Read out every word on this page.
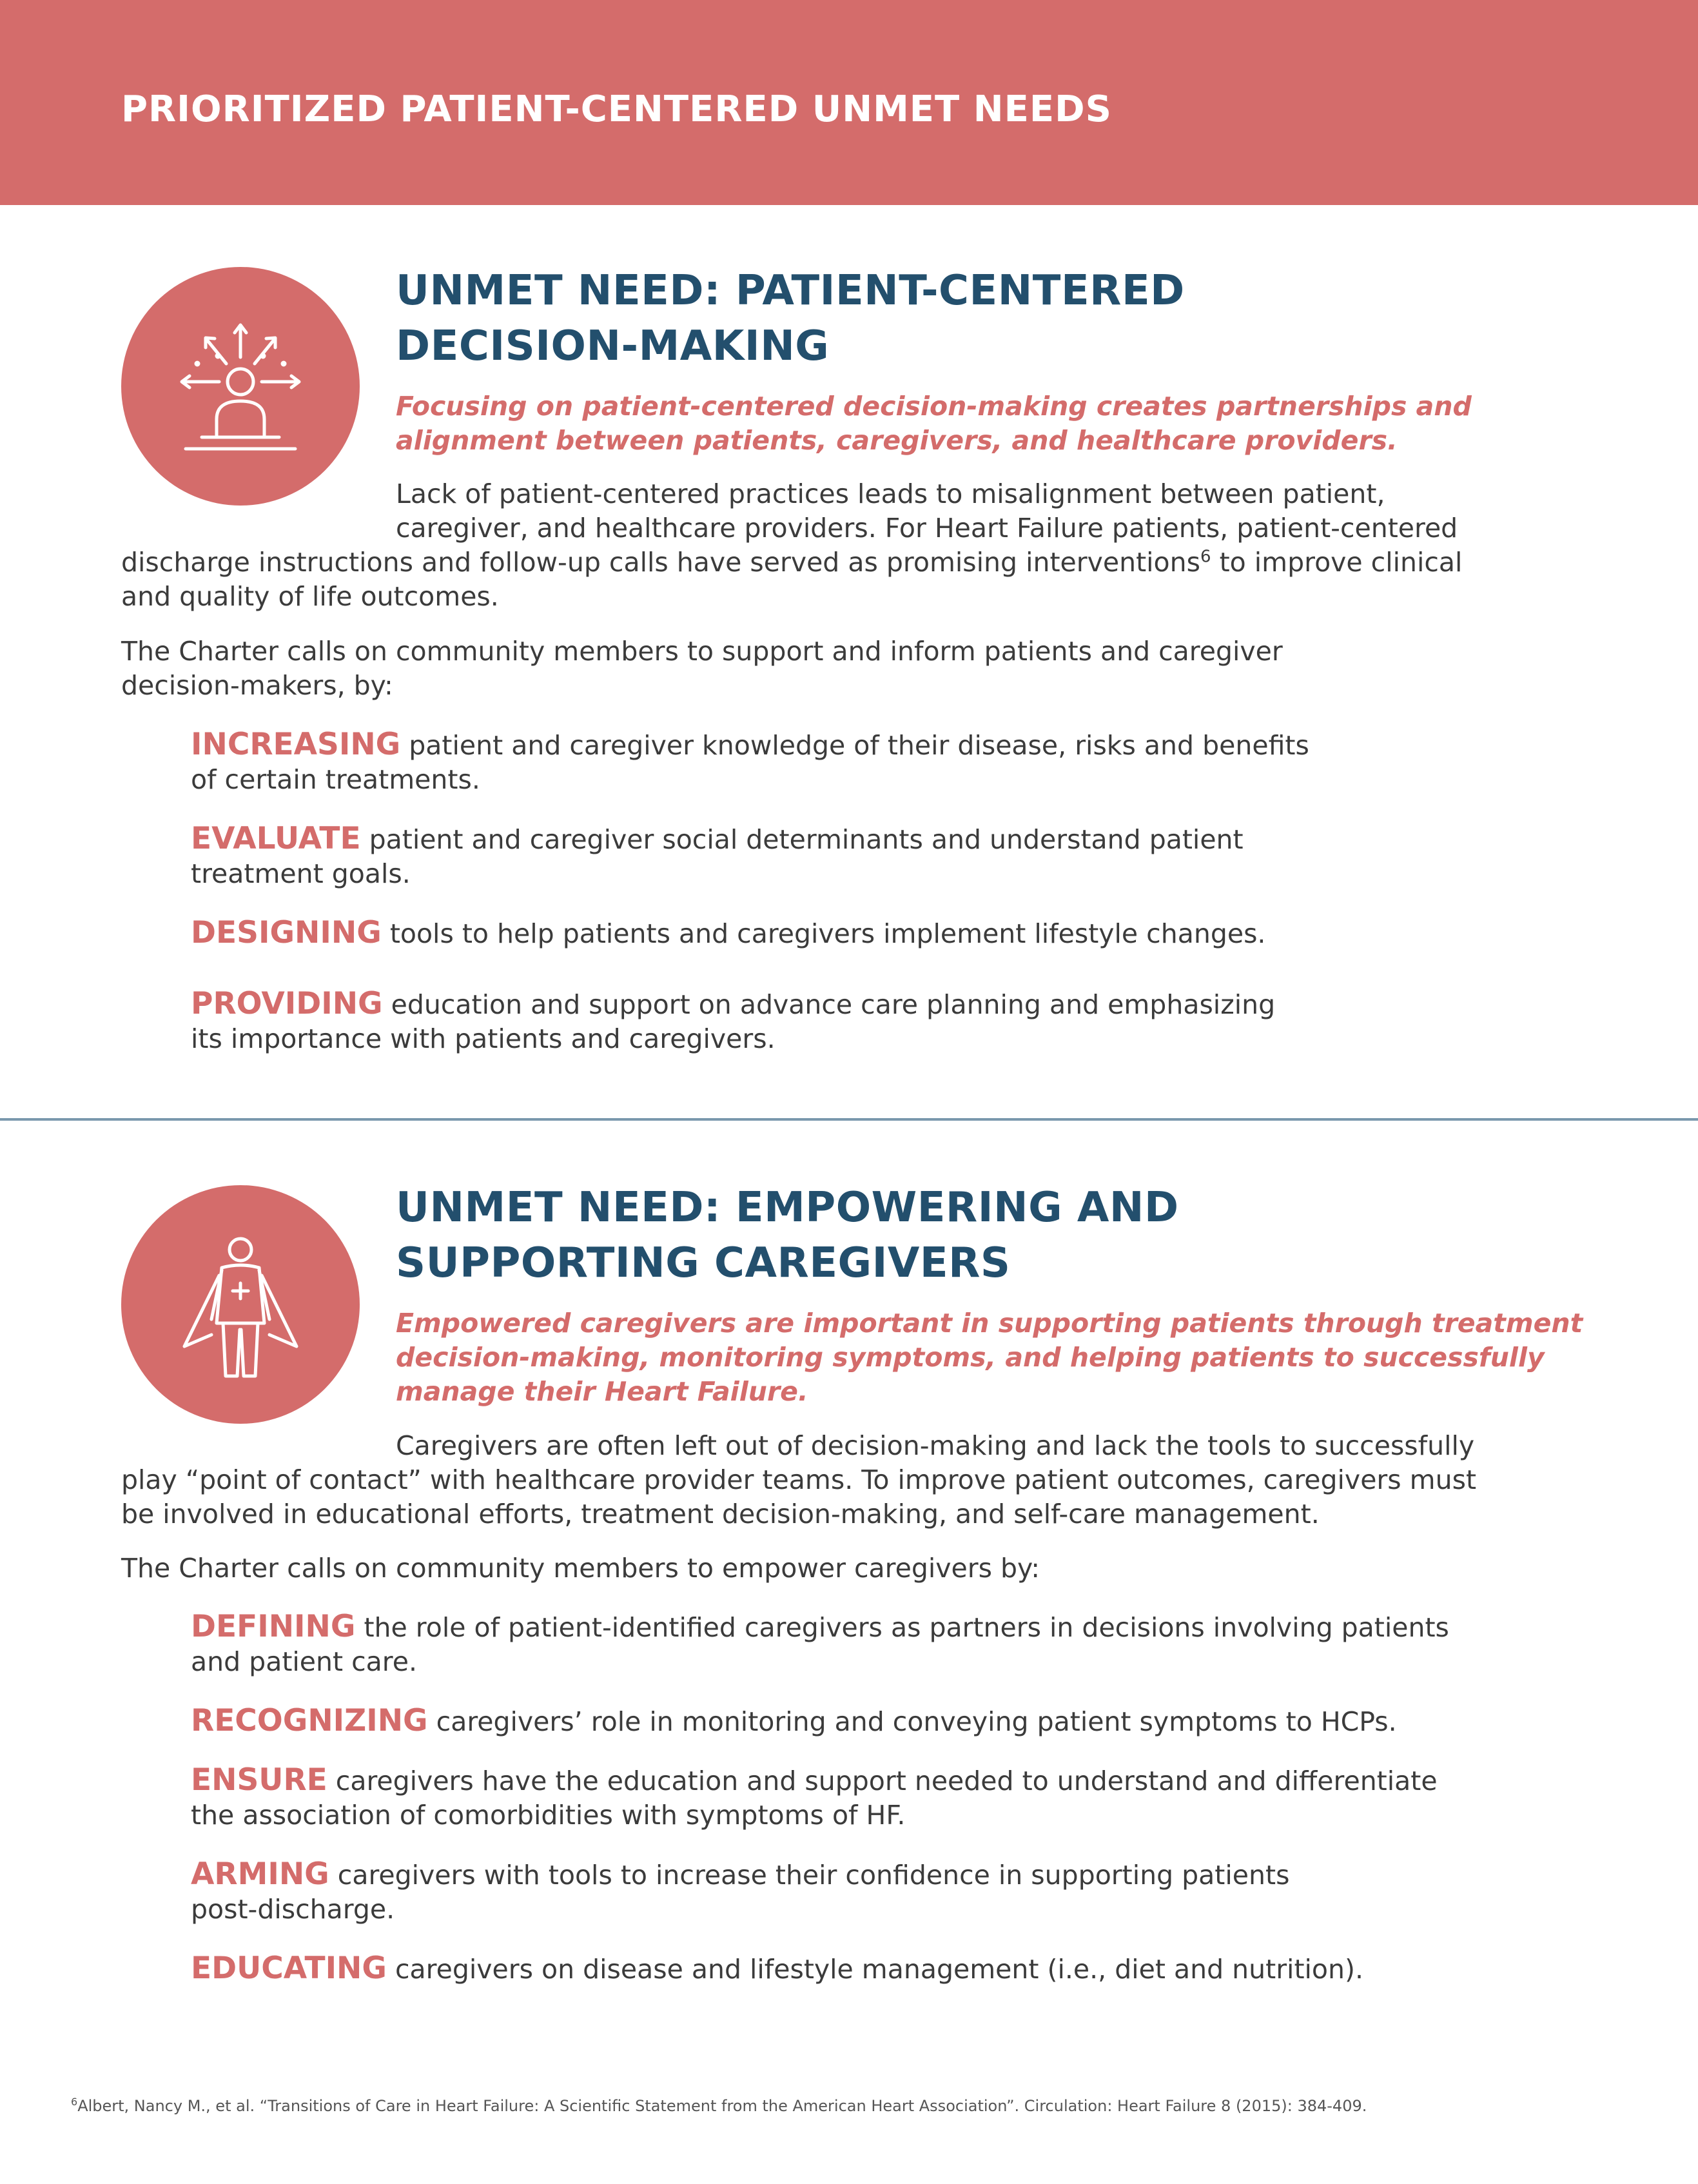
PRIORITIZED PATIENT-CENTERED UNMET NEEDS
UNMET NEED: PATIENT-CENTERED
DECISION-MAKING

Focusing on patient-centered decision-making creates partnerships and
alignment between patients, caregivers, and healthcare providers.

Lack of patient-centered practices leads to misalignment between patient,
caregiver, and healthcare providers. For Heart Failure patients, patient-centered
discharge instructions and follow-up calls have served as promising interventions$^6$ to improve clinical
and quality of life outcomes.

The Charter calls on community members to support and inform patients and caregiver
decision-makers, by:

INCREASING patient and caregiver knowledge of their disease, risks and benefits
of certain treatments.

EVALUATE patient and caregiver social determinants and understand patient
treatment goals.

DESIGNING tools to help patients and caregivers implement lifestyle changes.

PROVIDING education and support on advance care planning and emphasizing
its importance with patients and caregivers.

UNMET NEED: EMPOWERING AND
SUPPORTING CAREGIVERS

Empowered caregivers are important in supporting patients through treatment
decision-making, monitoring symptoms, and helping patients to successfully
manage their Heart Failure.

Caregivers are often left out of decision-making and lack the tools to successfully
play “point of contact” with healthcare provider teams. To improve patient outcomes, caregivers must
be involved in educational efforts, treatment decision-making, and self-care management.

The Charter calls on community members to empower caregivers by:

DEFINING the role of patient-identified caregivers as partners in decisions involving patients
and patient care.

RECOGNIZING caregivers’ role in monitoring and conveying patient symptoms to HCPs.

ENSURE caregivers have the education and support needed to understand and differentiate
the association of comorbidities with symptoms of HF.

ARMING caregivers with tools to increase their confidence in supporting patients
post-discharge.

EDUCATING caregivers on disease and lifestyle management (i.e., diet and nutrition).

$^6$Albert, Nancy M., et al. “Transitions of Care in Heart Failure: A Scientific Statement from the American Heart Association”. Circulation: Heart Failure 8 (2015): 384-409.
